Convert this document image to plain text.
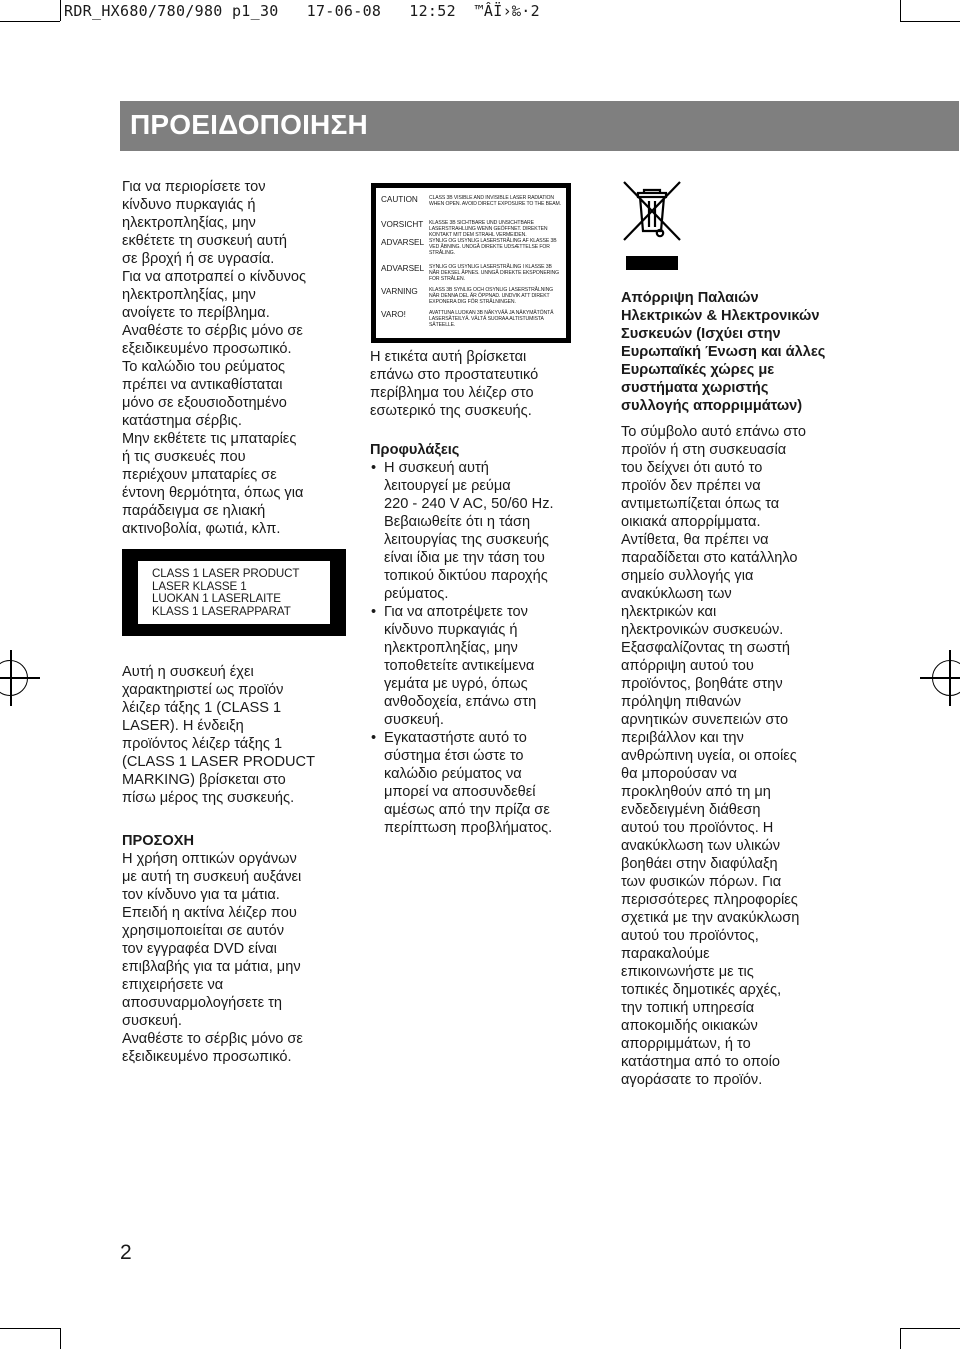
RDR_HX680/780/980 p1_30 17-06-08 12:52 ™ÂÏ›‰·2
ΠΡΟΕΙΔΟΠΟΙΗΣΗ

Για να περιορίσετε τον
κίνδυνο πυρκαγιάς ή
ηλεκτροπληξίας, μην
εκθέτετε τη συσκευή αυτή
σε βροχή ή σε υγρασία.
Για να αποτραπεί ο κίνδυνος
ηλεκτροπληξίας, μην
ανοίγετε το περίβλημα.
Αναθέστε το σέρβις μόνο σε
εξειδικευμένο προσωπικό.
Το καλώδιο του ρεύματος
πρέπει να αντικαθίσταται
μόνο σε εξουσιοδοτημένο
κατάστημα σέρβις.
Μην εκθέτετε τις μπαταρίες
ή τις συσκευές που
περιέχουν μπαταρίες σε
έντονη θερμότητα, όπως για
παράδειγμα σε ηλιακή
ακτινοβολία, φωτιά, κλπ.

CLASS 1 LASER PRODUCT
LASER KLASSE 1
LUOKAN 1 LASERLAITE
KLASS 1 LASERAPPARAT

Αυτή η συσκευή έχει
χαρακτηριστεί ως προϊόν
λέιζερ τάξης 1 (CLASS 1
LASER). Η ένδειξη
προϊόντος λέιζερ τάξης 1
(CLASS 1 LASER PRODUCT
MARKING) βρίσκεται στο
πίσω μέρος της συσκευής.

ΠΡΟΣΟΧΗ

Η χρήση οπτικών οργάνων
με αυτή τη συσκευή αυξάνει
τον κίνδυνο για τα μάτια.
Επειδή η ακτίνα λέιζερ που
χρησιμοποιείται σε αυτόν
τον εγγραφέα DVD είναι
επιβλαβής για τα μάτια, μην
επιχειρήσετε να
αποσυναρμολογήσετε τη
συσκευή.
Αναθέστε το σέρβις μόνο σε
εξειδικευμένο προσωπικό.

CAUTION	CLASS 3B VISIBLE AND INVISIBLE LASER RADIATION WHEN OPEN. AVOID DIRECT EXPOSURE TO THE BEAM.
VORSICHT	KLASSE 3B SICHTBARE UND UNSICHTBARE LASERSTRAHLUNG WENN GEÖFFNET. DIREKTEN KONTAKT MIT DEM STRAHL VERMEIDEN.
ADVARSEL SYNLIG OG USYNLIG LASERSTRÅLING AF KLASSE 3B VED ÅBNING. UNDGÅ DIREKTE UDSÆTTELSE FOR STRÅLING.
ADVARSEL SYNLIG OG USYNLIG LASERSTRÅLING I KLASSE 3B NÅR DEKSEL ÅPNES. UNNGÅ DIREKTE EKSPONERING FOR STRÅLEN.
VARNING	KLASS 3B SYNLIG OCH OSYNLIG LASERSTRÅLNING NÄR DENNA DEL ÄR ÖPPNAD. UNDVIK ATT DIREKT EXPONERA DIG FÖR STRÅLNINGEN.
VARO!	AVATTUNA LUOKAN 3B NÄKYVÄÄ JA NÄKYMÄTÖNTÄ LASERSÄTEILYÄ. VÄLTÄ SUORAA ALTISTUMISTA SÄTEELLE.

Η ετικέτα αυτή βρίσκεται
επάνω στο προστατευτικό
περίβλημα του λέιζερ στο
εσωτερικό της συσκευής.

Προφυλάξεις

• Η συσκευή αυτή
λειτουργεί με ρεύμα
220 - 240 V AC, 50/60 Hz.
Βεβαιωθείτε ότι η τάση
λειτουργίας της συσκευής
είναι ίδια με την τάση του
τοπικού δικτύου παροχής
ρεύματος.
• Για να αποτρέψετε τον
κίνδυνο πυρκαγιάς ή
ηλεκτροπληξίας, μην
τοποθετείτε αντικείμενα
γεμάτα με υγρό, όπως
ανθοδοχεία, επάνω στη
συσκευή.
• Εγκαταστήστε αυτό το
σύστημα έτσι ώστε το
καλώδιο ρεύματος να
μπορεί να αποσυνδεθεί
αμέσως από την πρίζα σε
περίπτωση προβλήματος.

Απόρριψη Παλαιών
Ηλεκτρικών & Ηλεκτρονικών
Συσκευών (Ισχύει στην
Ευρωπαϊκή Ένωση και άλλες
Ευρωπαϊκές χώρες με
συστήματα χωριστής
συλλογής απορριμμάτων)

Το σύμβολο αυτό επάνω στο
προϊόν ή στη συσκευασία
του δείχνει ότι αυτό το
προϊόν δεν πρέπει να
αντιμετωπίζεται όπως τα
οικιακά απορρίμματα.
Αντίθετα, θα πρέπει να
παραδίδεται στο κατάλληλο
σημείο συλλογής για
ανακύκλωση των
ηλεκτρικών και
ηλεκτρονικών συσκευών.
Εξασφαλίζοντας τη σωστή
απόρριψη αυτού του
προϊόντος, βοηθάτε στην
πρόληψη πιθανών
αρνητικών συνεπειών στο
περιβάλλον και την
ανθρώπινη υγεία, οι οποίες
θα μπορούσαν να
προκληθούν από τη μη
ενδεδειγμένη διάθεση
αυτού του προϊόντος. Η
ανακύκλωση των υλικών
βοηθάει στην διαφύλαξη
των φυσικών πόρων. Για
περισσότερες πληροφορίες
σχετικά με την ανακύκλωση
αυτού του προϊόντος,
παρακαλούμε
επικοινωνήστε με τις
τοπικές δημοτικές αρχές,
την τοπική υπηρεσία
αποκομιδής οικιακών
απορριμμάτων, ή το
κατάστημα από το οποίο
αγοράσατε το προϊόν.

2
